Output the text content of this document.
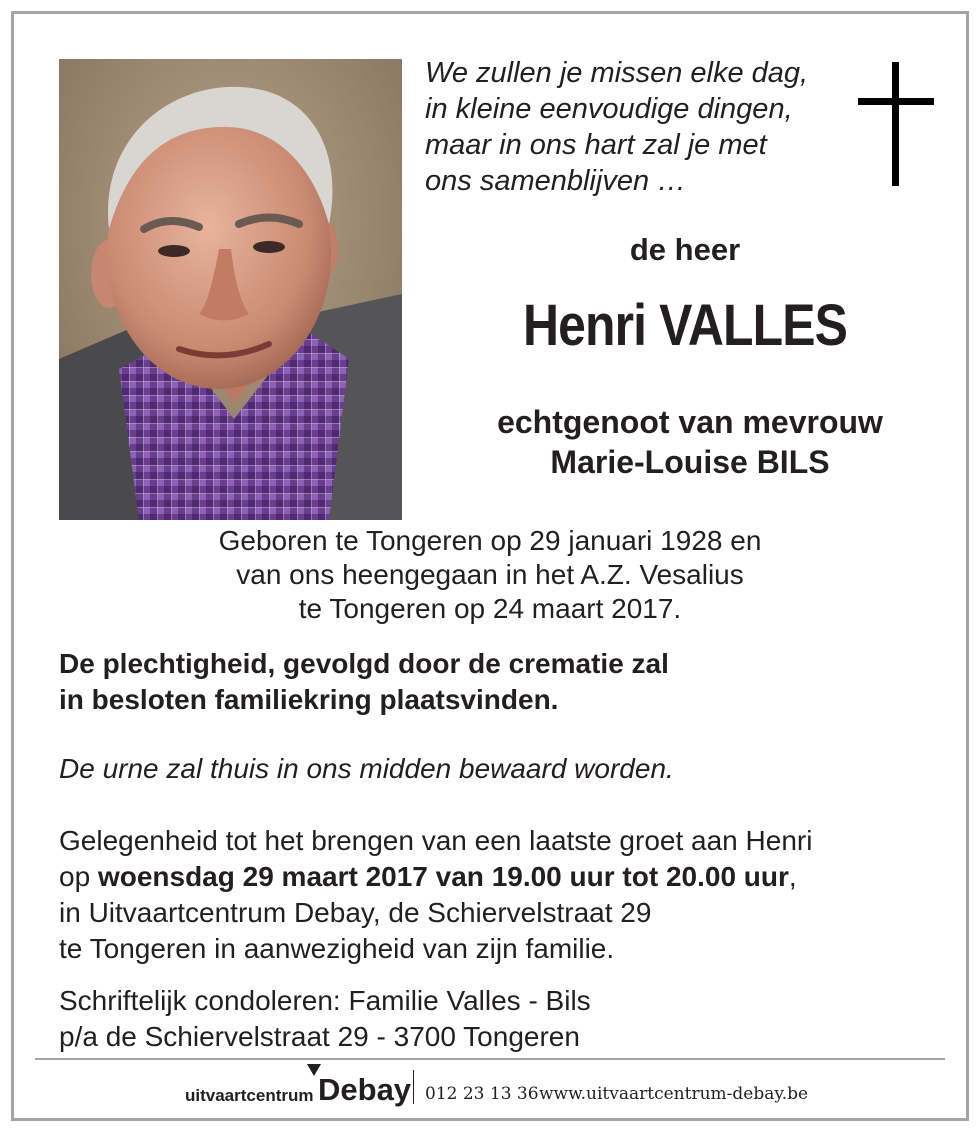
We zullen je missen elke dag,
in kleine eenvoudige dingen,
maar in ons hart zal je met
ons samenblijven …

de heer

Henri VALLES

echtgenoot van mevrouw
Marie-Louise BILS

Geboren te Tongeren op 29 januari 1928 en
van ons heengegaan in het A.Z. Vesalius
te Tongeren op 24 maart 2017.

De plechtigheid, gevolgd door de crematie zal
in besloten familiekring plaatsvinden.

De urne zal thuis in ons midden bewaard worden.

Gelegenheid tot het brengen van een laatste groet aan Henri
op woensdag 29 maart 2017 van 19.00 uur tot 20.00 uur,
in Uitvaartcentrum Debay, de Schiervelstraat 29
te Tongeren in aanwezigheid van zijn familie.

Schriftelijk condoleren: Familie Valles - Bils
p/a de Schiervelstraat 29 - 3700 Tongeren

uitvaartcentrum Debay 012 23 13 36 www.uitvaartcentrum-debay.be
